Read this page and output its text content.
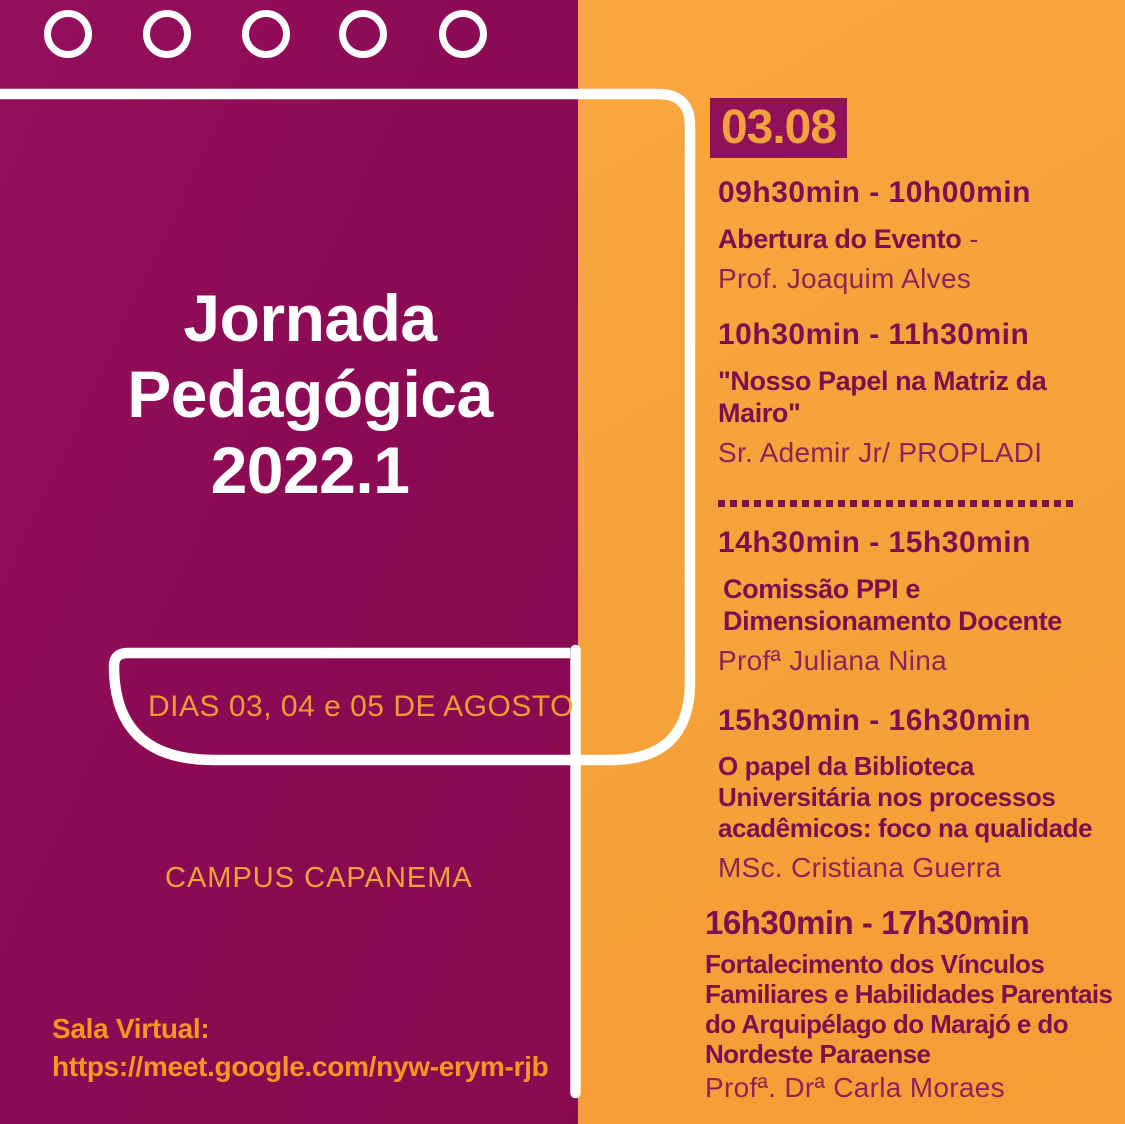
Jornada
Pedagógica
2022.1
DIAS 03, 04 e 05 DE AGOSTO
CAMPUS CAPANEMA
Sala Virtual:
https://meet.google.com/nyw-erym-rjb
03.08
09h30min - 10h00min
Abertura do Evento -
Prof. Joaquim Alves
10h30min - 11h30min
"Nosso Papel na Matriz da
Mairo"
Sr. Ademir Jr/ PROPLADI
14h30min - 15h30min
Comissão PPI e
Dimensionamento Docente
Profª Juliana Nina
15h30min - 16h30min
O papel da Biblioteca
Universitária nos processos
acadêmicos: foco na qualidade
MSc. Cristiana Guerra
16h30min - 17h30min
Fortalecimento dos Vínculos
Familiares e Habilidades Parentais
do Arquipélago do Marajó e do
Nordeste Paraense
Profª. Drª Carla Moraes
